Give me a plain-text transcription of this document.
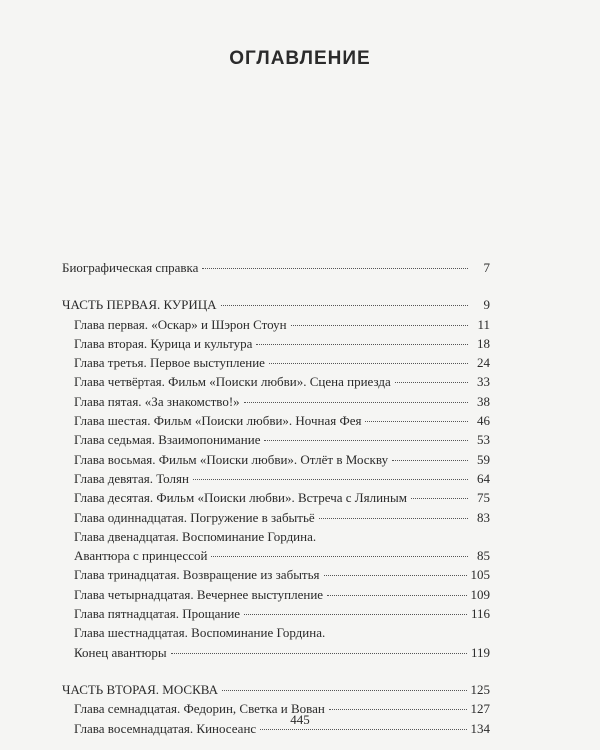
ОГЛАВЛЕНИЕ
Биографическая справка	7
ЧАСТЬ ПЕРВАЯ. КУРИЦА	9
Глава первая. «Оскар» и Шэрон Стоун	11
Глава вторая. Курица и культура	18
Глава третья. Первое выступление	24
Глава четвёртая. Фильм «Поиски любви». Сцена приезда	33
Глава пятая. «За знакомство!»	38
Глава шестая. Фильм «Поиски любви». Ночная Фея	46
Глава седьмая. Взаимопонимание	53
Глава восьмая. Фильм «Поиски любви». Отлёт в Москву	59
Глава девятая. Толян	64
Глава десятая. Фильм «Поиски любви». Встреча с Лялиным	75
Глава одиннадцатая. Погружение в забытьё	83
Глава двенадцатая. Воспоминание Гордина.
Авантюра с принцессой	85
Глава тринадцатая. Возвращение из забытья	105
Глава четырнадцатая. Вечернее выступление	109
Глава пятнадцатая. Прощание	116
Глава шестнадцатая. Воспоминание Гордина.
Конец авантюры	119
ЧАСТЬ ВТОРАЯ. МОСКВА	125
Глава семнадцатая. Федорин, Светка и Вован	127
Глава восемнадцатая. Киносеанс	134
445
